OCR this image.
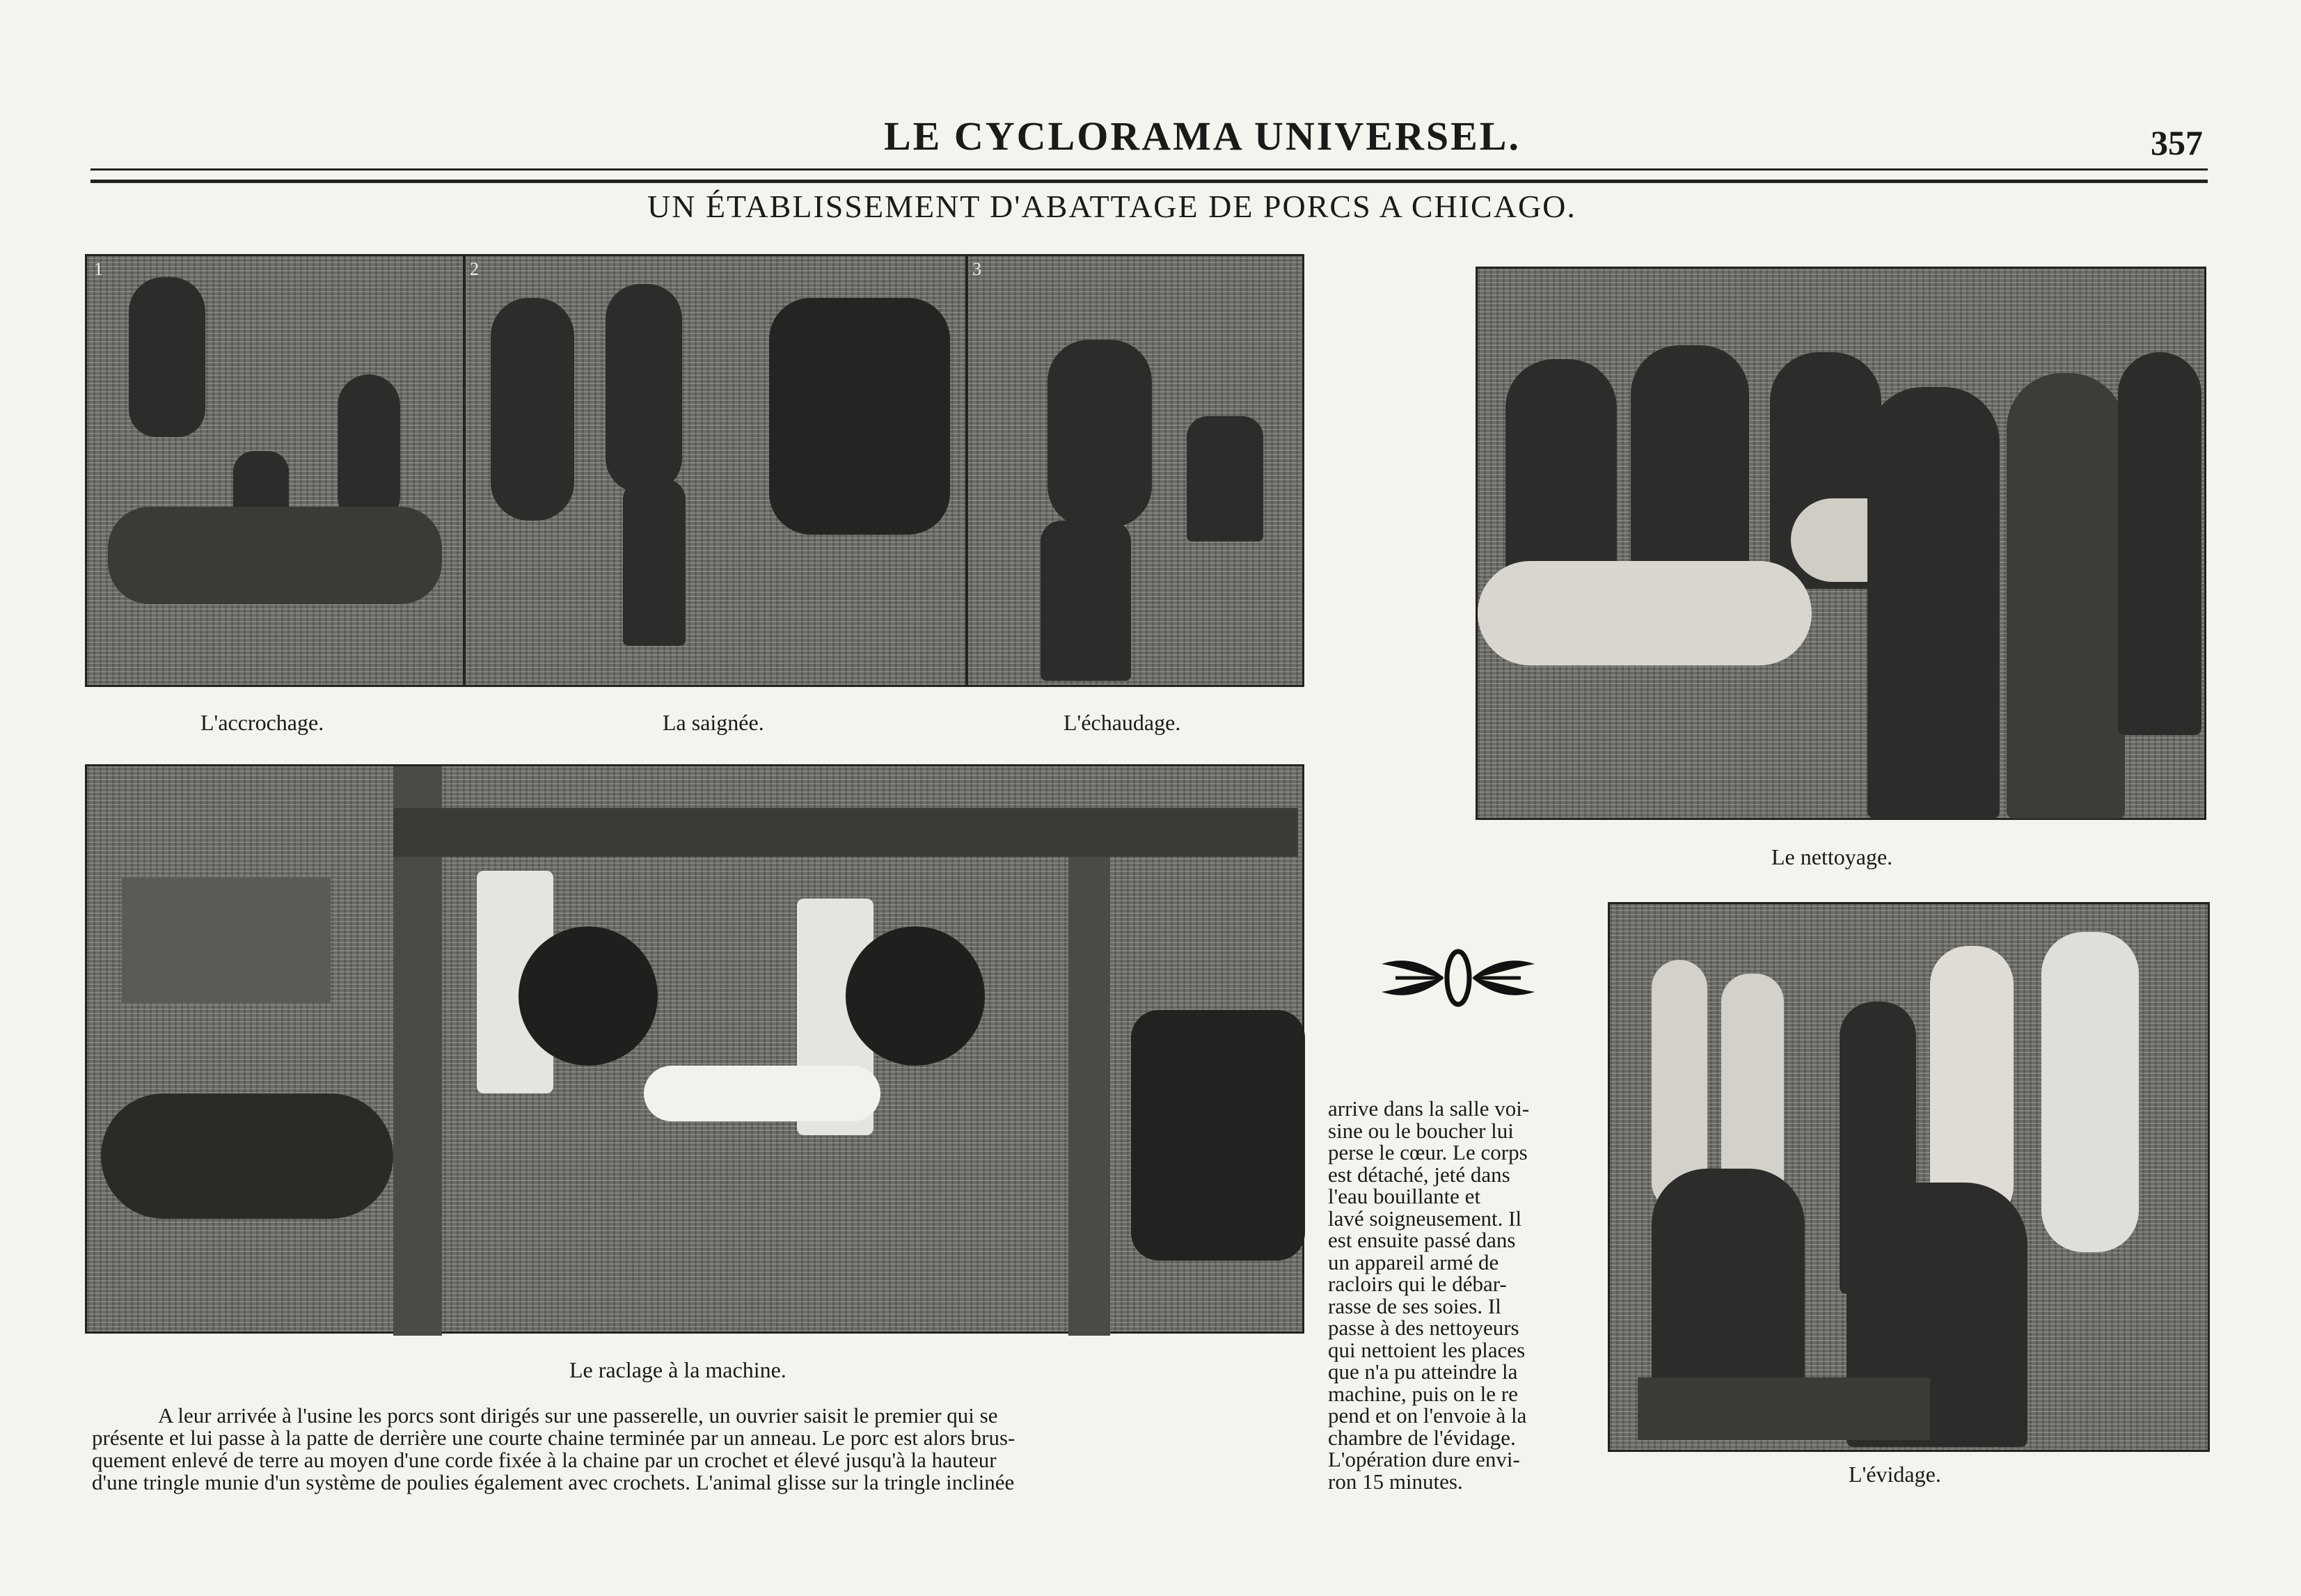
LE CYCLORAMA UNIVERSEL.	357
UN ÉTABLISSEMENT D'ABATTAGE DE PORCS A CHICAGO.
1	2	3
L'accrochage.	La saignée.	L'échaudage.
Le nettoyage.
Le raclage à la machine.
L'évidage.
A leur arrivée à l'usine les porcs sont dirigés sur une passerelle, un ouvrier saisit le premier qui se
présente et lui passe à la patte de derrière une courte chaine terminée par un anneau. Le porc est alors brus-
quement enlevé de terre au moyen d'une corde fixée à la chaine par un crochet et élevé jusqu'à la hauteur
d'une tringle munie d'un système de poulies également avec crochets. L'animal glisse sur la tringle inclinée
arrive dans la salle voi-
sine ou le boucher lui
perse le cœur. Le corps
est détaché, jeté dans
l'eau bouillante et
lavé soigneusement. Il
est ensuite passé dans
un appareil armé de
racloirs qui le débar-
rasse de ses soies. Il
passe à des nettoyeurs
qui nettoient les places
que n'a pu atteindre la
machine, puis on le re
pend et on l'envoie à la
chambre de l'évidage.
L'opération dure envi-
ron 15 minutes.
